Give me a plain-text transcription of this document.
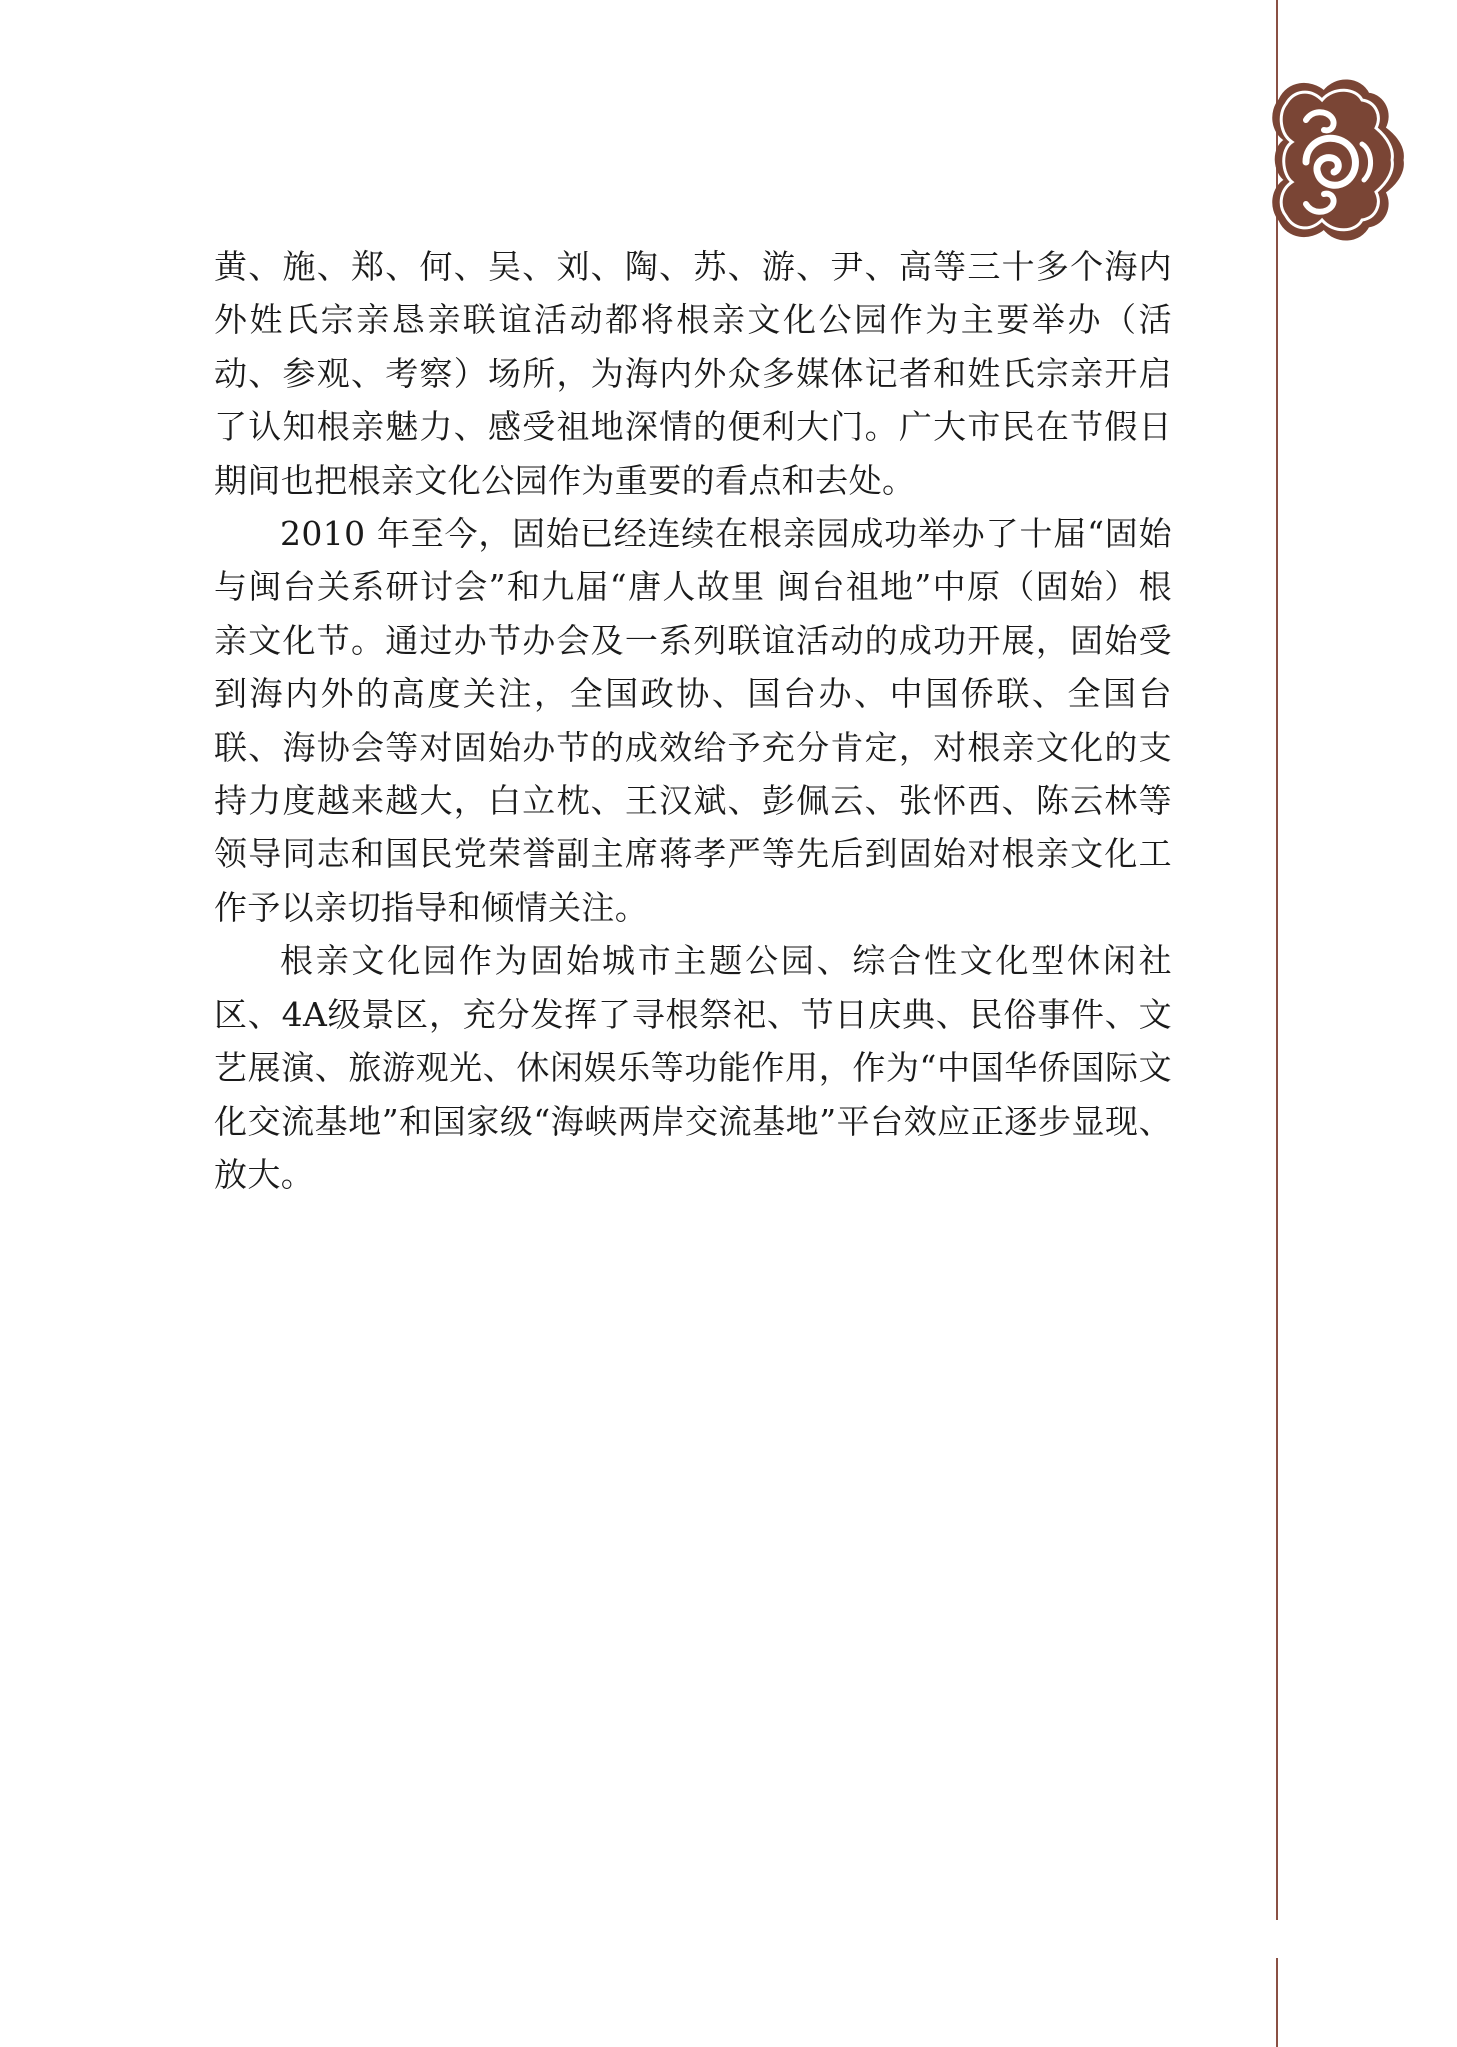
黄、施、郑、何、吴、刘、陶、苏、游、尹、高等三十多个海内外姓氏宗亲恳亲联谊活动都将根亲文化公园作为主要举办（活动、参观、考察）场所，为海内外众多媒体记者和姓氏宗亲开启了认知根亲魅力、感受祖地深情的便利大门。广大市民在节假日期间也把根亲文化公园作为重要的看点和去处。

2010 年至今，固始已经连续在根亲园成功举办了十届“固始与闽台关系研讨会”和九届“唐人故里 闽台祖地”中原（固始）根亲文化节。通过办节办会及一系列联谊活动的成功开展，固始受到海内外的高度关注，全国政协、国台办、中国侨联、全国台联、海协会等对固始办节的成效给予充分肯定，对根亲文化的支持力度越来越大，白立枕、王汉斌、彭佩云、张怀西、陈云林等领导同志和国民党荣誉副主席蒋孝严等先后到固始对根亲文化工作予以亲切指导和倾情关注。

根亲文化园作为固始城市主题公园、综合性文化型休闲社区、4A级景区，充分发挥了寻根祭祀、节日庆典、民俗事件、文艺展演、旅游观光、休闲娱乐等功能作用，作为“中国华侨国际文化交流基地”和国家级“海峡两岸交流基地”平台效应正逐步显现、放大。
